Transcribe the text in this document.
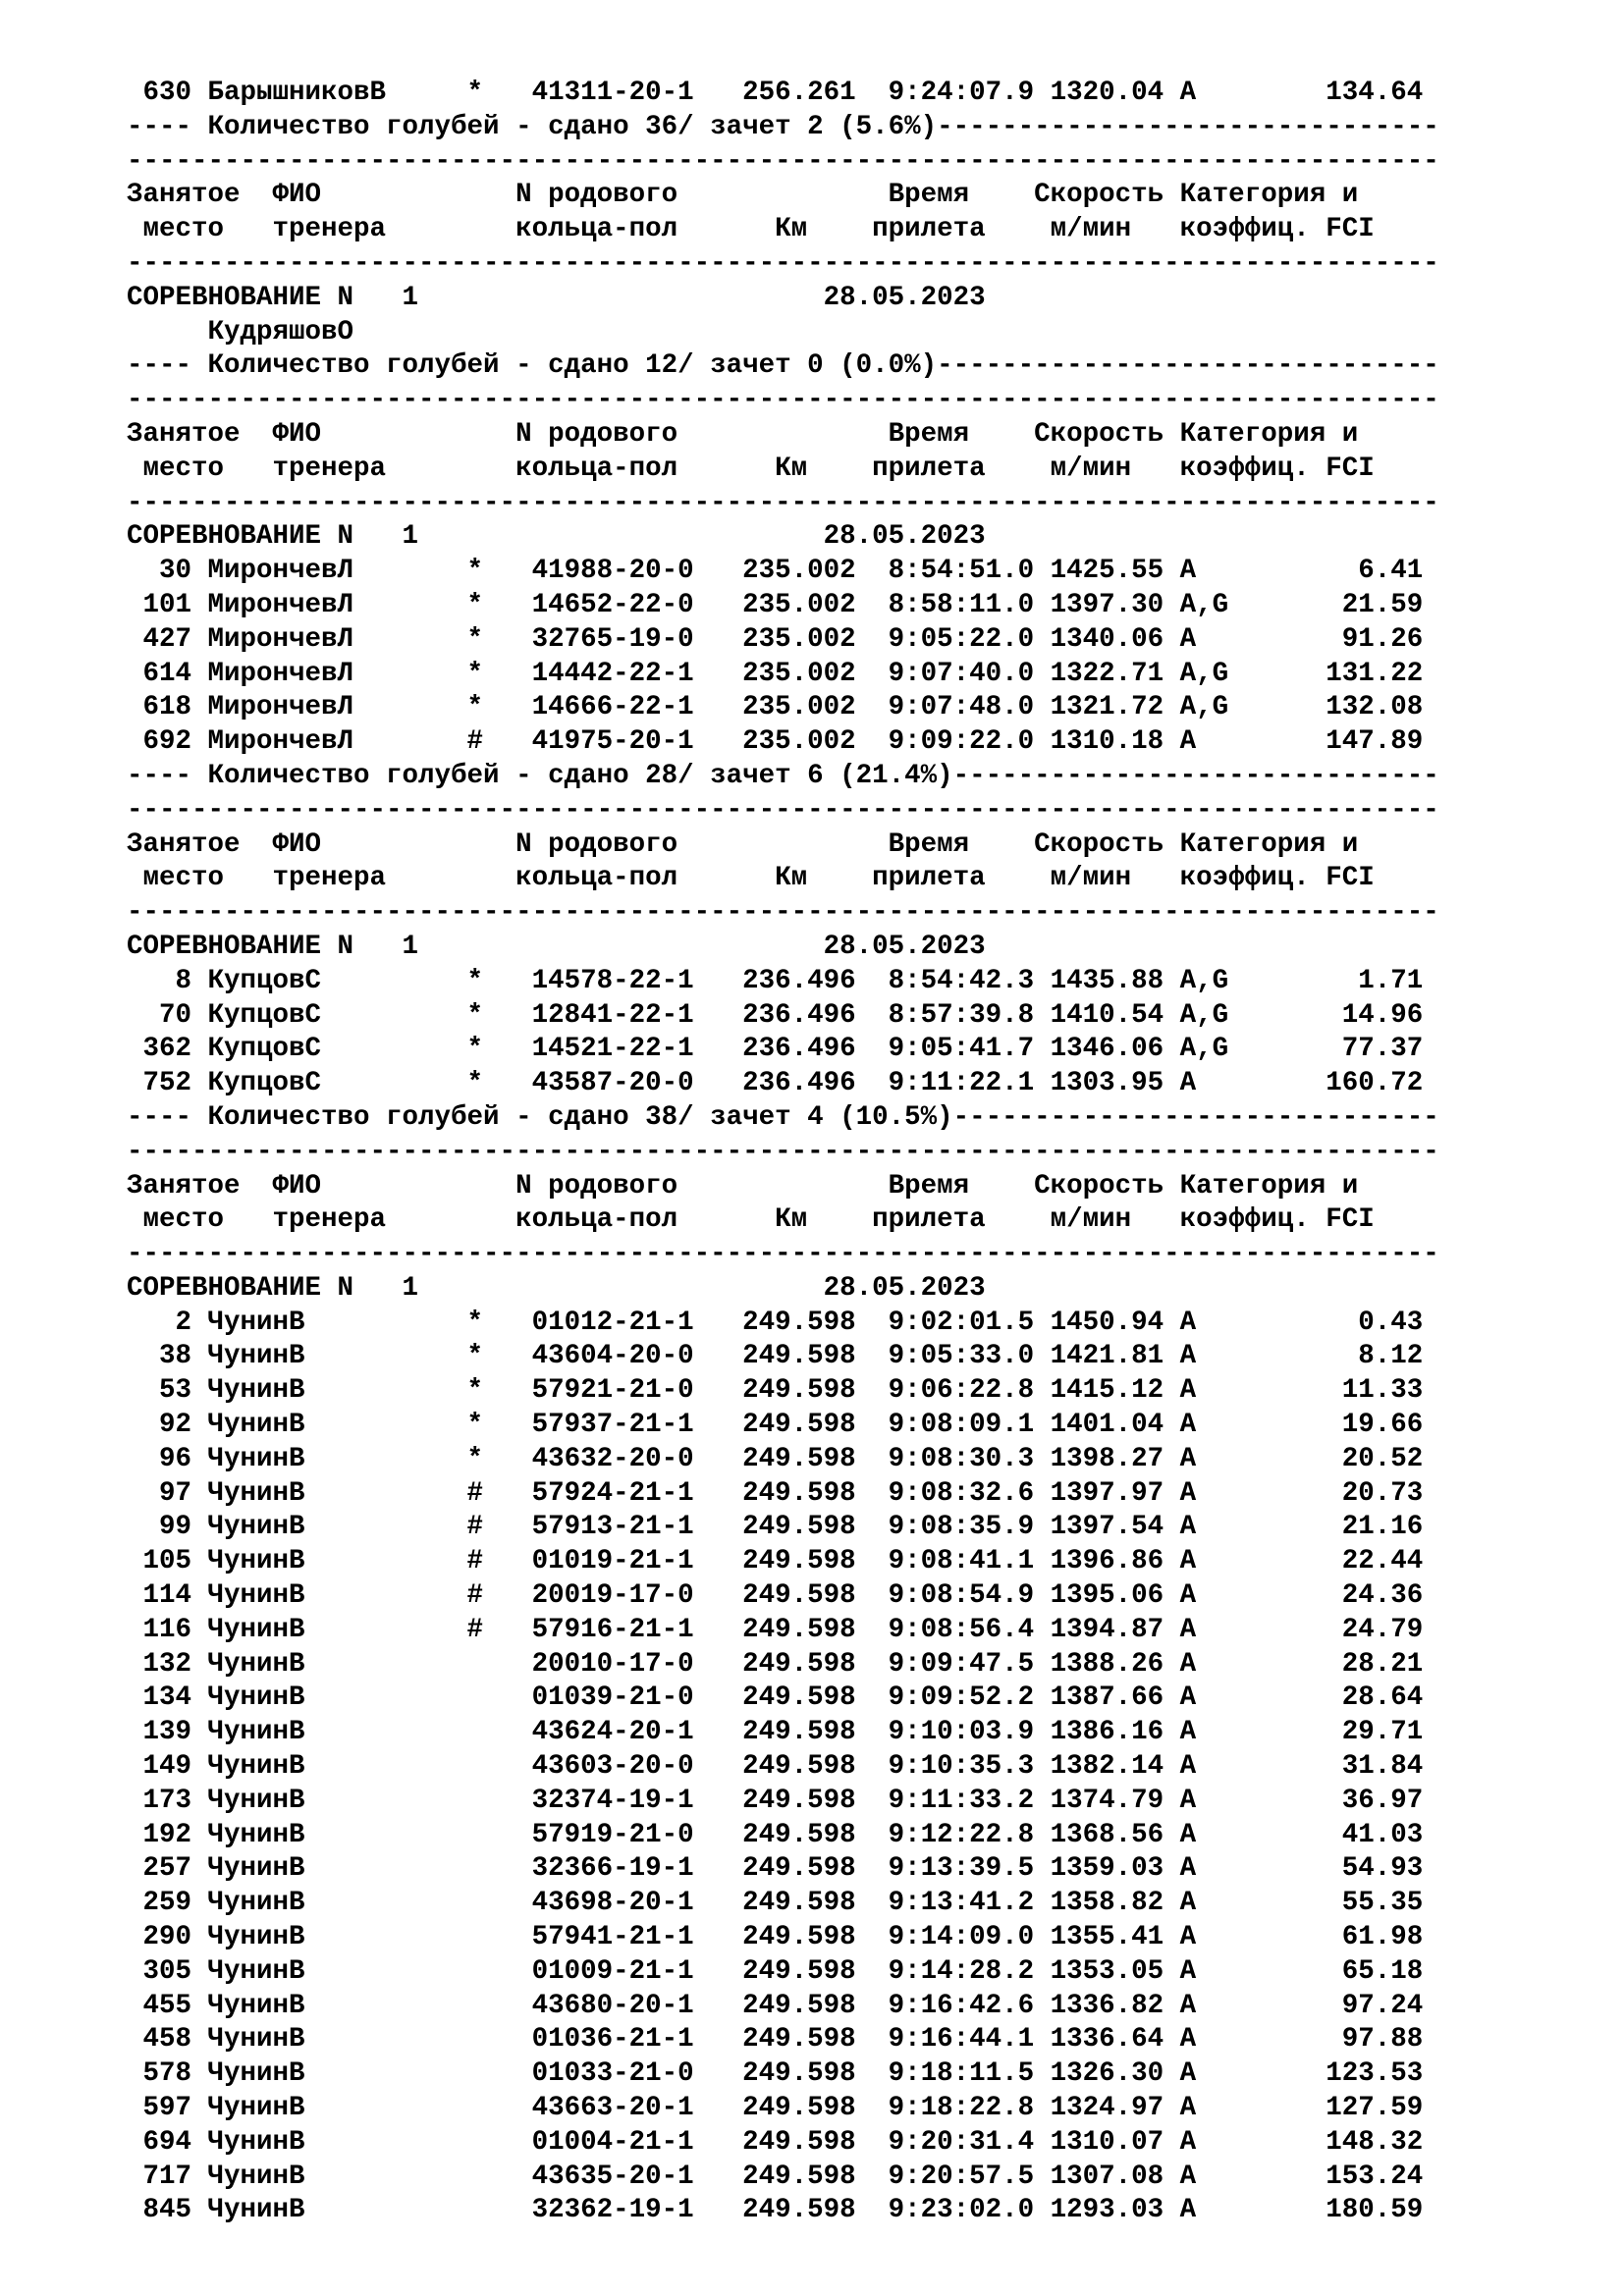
630 БарышниковВ     *   41311-20-1   256.261  9:24:07.9 1320.04 A        134.64
---- Количество голубей - сдано 36/ зачет 2 (5.6%)-------------------------------
---------------------------------------------------------------------------------
Занятое  ФИО            N родового             Время    Скорость Категория и
место   тренера        кольца-пол      Км    прилета    м/мин   коэффиц. FCI
---------------------------------------------------------------------------------
СОРЕВНОВАНИЕ N   1                         28.05.2023
КудряшовО
---- Количество голубей - сдано 12/ зачет 0 (0.0%)-------------------------------
---------------------------------------------------------------------------------
Занятое  ФИО            N родового             Время    Скорость Категория и
место   тренера        кольца-пол      Км    прилета    м/мин   коэффиц. FCI
---------------------------------------------------------------------------------
СОРЕВНОВАНИЕ N   1                         28.05.2023
30 МирончевЛ       *   41988-20-0   235.002  8:54:51.0 1425.55 A          6.41
101 МирончевЛ       *   14652-22-0   235.002  8:58:11.0 1397.30 A,G       21.59
427 МирончевЛ       *   32765-19-0   235.002  9:05:22.0 1340.06 A         91.26
614 МирончевЛ       *   14442-22-1   235.002  9:07:40.0 1322.71 A,G      131.22
618 МирончевЛ       *   14666-22-1   235.002  9:07:48.0 1321.72 A,G      132.08
692 МирончевЛ       #   41975-20-1   235.002  9:09:22.0 1310.18 A        147.89
---- Количество голубей - сдано 28/ зачет 6 (21.4%)------------------------------
---------------------------------------------------------------------------------
Занятое  ФИО            N родового             Время    Скорость Категория и
место   тренера        кольца-пол      Км    прилета    м/мин   коэффиц. FCI
---------------------------------------------------------------------------------
СОРЕВНОВАНИЕ N   1                         28.05.2023
8 КупцовС         *   14578-22-1   236.496  8:54:42.3 1435.88 A,G        1.71
70 КупцовС         *   12841-22-1   236.496  8:57:39.8 1410.54 A,G       14.96
362 КупцовС         *   14521-22-1   236.496  9:05:41.7 1346.06 A,G       77.37
752 КупцовС         *   43587-20-0   236.496  9:11:22.1 1303.95 A        160.72
---- Количество голубей - сдано 38/ зачет 4 (10.5%)------------------------------
---------------------------------------------------------------------------------
Занятое  ФИО            N родового             Время    Скорость Категория и
место   тренера        кольца-пол      Км    прилета    м/мин   коэффиц. FCI
---------------------------------------------------------------------------------
СОРЕВНОВАНИЕ N   1                         28.05.2023
2 ЧунинВ          *   01012-21-1   249.598  9:02:01.5 1450.94 A          0.43
38 ЧунинВ          *   43604-20-0   249.598  9:05:33.0 1421.81 A          8.12
53 ЧунинВ          *   57921-21-0   249.598  9:06:22.8 1415.12 A         11.33
92 ЧунинВ          *   57937-21-1   249.598  9:08:09.1 1401.04 A         19.66
96 ЧунинВ          *   43632-20-0   249.598  9:08:30.3 1398.27 A         20.52
97 ЧунинВ          #   57924-21-1   249.598  9:08:32.6 1397.97 A         20.73
99 ЧунинВ          #   57913-21-1   249.598  9:08:35.9 1397.54 A         21.16
105 ЧунинВ          #   01019-21-1   249.598  9:08:41.1 1396.86 A         22.44
114 ЧунинВ          #   20019-17-0   249.598  9:08:54.9 1395.06 A         24.36
116 ЧунинВ          #   57916-21-1   249.598  9:08:56.4 1394.87 A         24.79
132 ЧунинВ              20010-17-0   249.598  9:09:47.5 1388.26 A         28.21
134 ЧунинВ              01039-21-0   249.598  9:09:52.2 1387.66 A         28.64
139 ЧунинВ              43624-20-1   249.598  9:10:03.9 1386.16 A         29.71
149 ЧунинВ              43603-20-0   249.598  9:10:35.3 1382.14 A         31.84
173 ЧунинВ              32374-19-1   249.598  9:11:33.2 1374.79 A         36.97
192 ЧунинВ              57919-21-0   249.598  9:12:22.8 1368.56 A         41.03
257 ЧунинВ              32366-19-1   249.598  9:13:39.5 1359.03 A         54.93
259 ЧунинВ              43698-20-1   249.598  9:13:41.2 1358.82 A         55.35
290 ЧунинВ              57941-21-1   249.598  9:14:09.0 1355.41 A         61.98
305 ЧунинВ              01009-21-1   249.598  9:14:28.2 1353.05 A         65.18
455 ЧунинВ              43680-20-1   249.598  9:16:42.6 1336.82 A         97.24
458 ЧунинВ              01036-21-1   249.598  9:16:44.1 1336.64 A         97.88
578 ЧунинВ              01033-21-0   249.598  9:18:11.5 1326.30 A        123.53
597 ЧунинВ              43663-20-1   249.598  9:18:22.8 1324.97 A        127.59
694 ЧунинВ              01004-21-1   249.598  9:20:31.4 1310.07 A        148.32
717 ЧунинВ              43635-20-1   249.598  9:20:57.5 1307.08 A        153.24
845 ЧунинВ              32362-19-1   249.598  9:23:02.0 1293.03 A        180.59
